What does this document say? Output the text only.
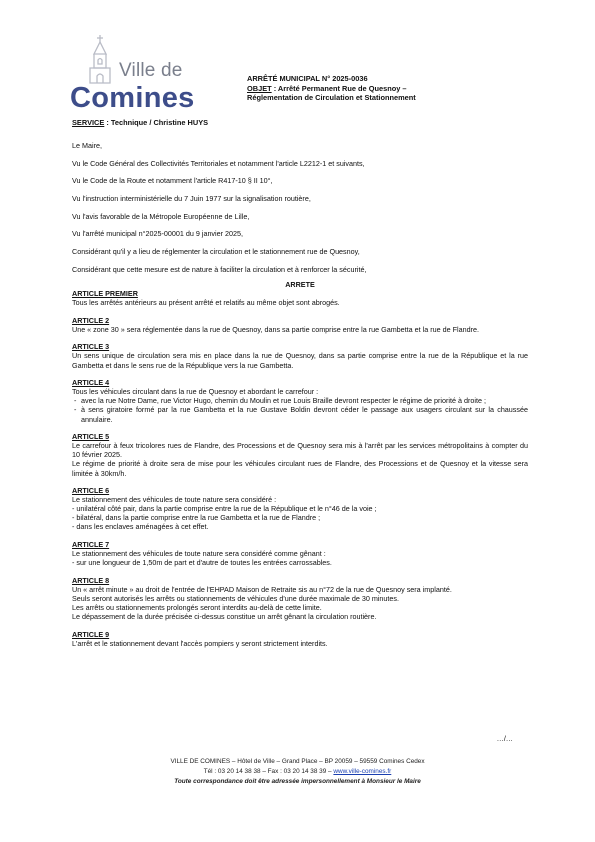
Ville de
Comines
ARRÊTÉ MUNICIPAL N° 2025-0036
OBJET : Arrêté Permanent Rue de Quesnoy –
Réglementation de Circulation et Stationnement
SERVICE : Technique / Christine HUYS

Le Maire,

Vu le Code Général des Collectivités Territoriales et notamment l'article L2212-1 et suivants,

Vu le Code de la Route et notamment l'article R417-10 § II 10°,

Vu l'instruction interministérielle du 7 Juin 1977 sur la signalisation routière,

Vu l'avis favorable de la Métropole Européenne de Lille,

Vu l'arrêté municipal n°2025-00001 du 9 janvier 2025,

Considérant qu'il y a lieu de réglementer la circulation et le stationnement rue de Quesnoy,

Considérant que cette mesure est de nature à faciliter la circulation et à renforcer la sécurité,

ARRETE

ARTICLE PREMIER

Tous les arrêtés antérieurs au présent arrêté et relatifs au même objet sont abrogés.

ARTICLE 2

Une « zone 30 » sera réglementée dans la rue de Quesnoy, dans sa partie comprise entre la rue Gambetta et la rue de Flandre.

ARTICLE 3

Un sens unique de circulation sera mis en place dans la rue de Quesnoy, dans sa partie comprise entre la rue de la République et la rue Gambetta et dans le sens rue de la République vers la rue Gambetta.

ARTICLE 4

Tous les véhicules circulant dans la rue de Quesnoy et abordant le carrefour :

- avec la rue Notre Dame, rue Victor Hugo, chemin du Moulin et rue Louis Braille devront respecter le régime de priorité à droite ;
- à sens giratoire formé par la rue Gambetta et la rue Gustave Boldin devront céder le passage aux usagers circulant sur la chaussée annulaire.

ARTICLE 5

Le carrefour à feux tricolores rues de Flandre, des Processions et de Quesnoy sera mis à l'arrêt par les services métropolitains à compter du 10 février 2025.

Le régime de priorité à droite sera de mise pour les véhicules circulant rues de Flandre, des Processions et de Quesnoy et la vitesse sera limitée à 30km/h.

ARTICLE 6

Le stationnement des véhicules de toute nature sera considéré :

- unilatéral côté pair, dans la partie comprise entre la rue de la République et le n°46 de la voie ;

- bilatéral, dans la partie comprise entre la rue Gambetta et la rue de Flandre ;

- dans les enclaves aménagées à cet effet.

ARTICLE 7

Le stationnement des véhicules de toute nature sera considéré comme gênant :

- sur une longueur de 1,50m de part et d'autre de toutes les entrées carrossables.

ARTICLE 8

Un « arrêt minute » au droit de l'entrée de l'EHPAD Maison de Retraite sis au n°72 de la rue de Quesnoy sera implanté.

Seuls seront autorisés les arrêts ou stationnements de véhicules d'une durée maximale de 30 minutes.

Les arrêts ou stationnements prolongés seront interdits au-delà de cette limite.

Le dépassement de la durée précisée ci-dessus constitue un arrêt gênant la circulation routière.

ARTICLE 9

L'arrêt et le stationnement devant l'accès pompiers y seront strictement interdits.

…/…
VILLE DE COMINES – Hôtel de Ville – Grand Place – BP 20059 – 59559 Comines Cedex
Tél : 03 20 14 38 38 – Fax : 03 20 14 38 39 – www.ville-comines.fr
Toute correspondance doit être adressée impersonnellement à Monsieur le Maire
